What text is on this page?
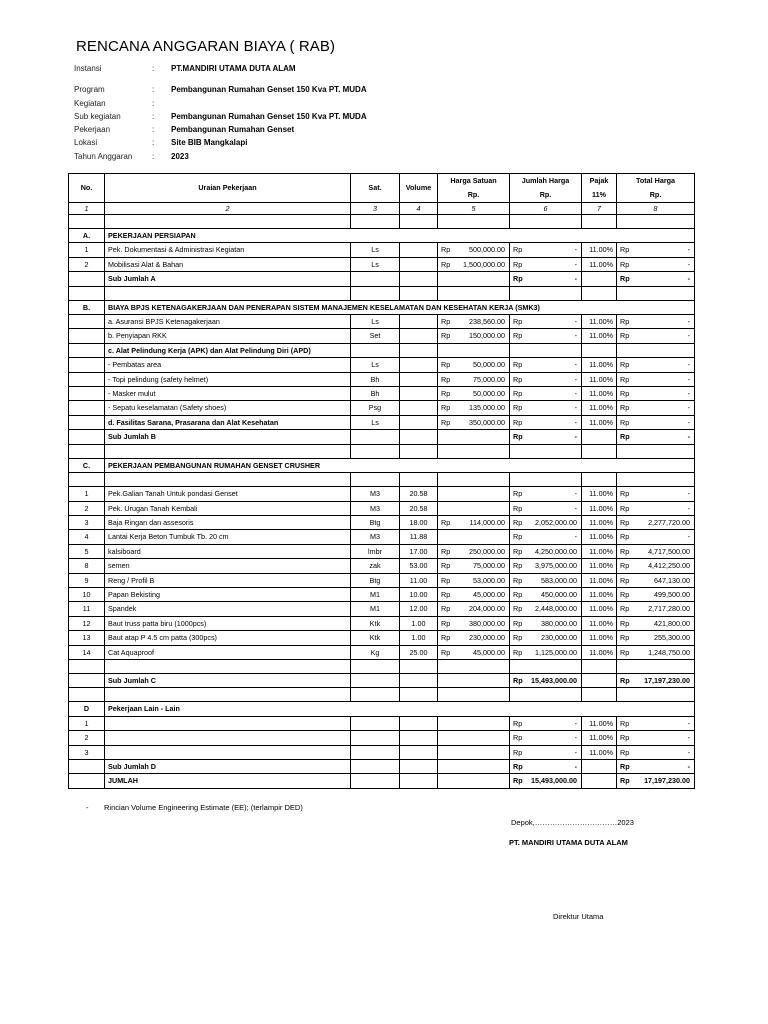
RENCANA ANGGARAN BIAYA ( RAB)
Instansi	: PT.MANDIRI UTAMA DUTA ALAM
Program	: Pembangunan Rumahan Genset 150 Kva PT. MUDA
Kegiatan	:
Sub kegiatan	: Pembangunan Rumahan Genset 150 Kva PT. MUDA
Pekerjaan	: Pembangunan Rumahan Genset
Lokasi	: Site BIB Mangkalapi
Tahun Anggaran	: 2023
No.	Uraian Pekerjaan	Sat.	Volume	Harga Satuan		Jumlah Harga		Pajak	Total Harga	
				Rp.		Rp.		11%	Rp.	
1	2	3	4	5		6		7	8	

A.	PEKERJAAN PERSIAPAN									
1	Pek. Dokumentasi & Administrasi Kegiatan	Ls		Rp	500,000.00	Rp	-	11.00%	Rp	-
2	Mobilisasi Alat & Bahan	Ls		Rp	1,500,000.00	Rp	-	11.00%	Rp	-
	Sub Jumlah A					Rp	-		Rp	-

B.	BIAYA BPJS KETENAGAKERJAAN DAN PENERAPAN SISTEM MANAJEMEN KESELAMATAN DAN KESEHATAN KERJA (SMK3)									
	a. Asuransi BPJS Ketenagakerjaan	Ls		Rp	238,560.00	Rp	-	11.00%	Rp	-
	b. Penyiapan RKK	Set		Rp	150,000.00	Rp	-	11.00%	Rp	-
	c. Alat Pelindung Kerja (APK) dan Alat Pelindung Diri (APD)									
	- Pembatas area	Ls		Rp	50,000.00	Rp	-	11.00%	Rp	-
	- Topi pelindung (safety helmet)	Bh		Rp	75,000.00	Rp	-	11.00%	Rp	-
	- Masker mulut	Bh		Rp	50,000.00	Rp	-	11.00%	Rp	-
	- Sepatu keselamatan (Safety shoes)	Psg		Rp	135,000.00	Rp	-	11.00%	Rp	-
	d. Fasilitas Sarana, Prasarana dan Alat Kesehatan	Ls		Rp	350,000.00	Rp	-	11.00%	Rp	-
	Sub Jumlah B					Rp	-		Rp	-

C.	PEKERJAAN PEMBANGUNAN RUMAHAN GENSET CRUSHER									

1	Pek.Galian Tanah Untuk pondasi Genset	M3	20.58			Rp	-	11.00%	Rp	-
2	Pek. Urugan Tanah Kembali	M3	20.58			Rp	-	11.00%	Rp	-
3	Baja Ringan dan assesoris	Btg	18.00	Rp	114,000.00	Rp	2,052,000.00	11.00%	Rp	2,277,720.00
4	Lantai Kerja Beton Tumbuk Tb. 20 cm	M3	11.88			Rp	-	11.00%	Rp	-
5	kalsiboard	lmbr	17.00	Rp	250,000.00	Rp	4,250,000.00	11.00%	Rp	4,717,500.00
8	semen	zak	53.00	Rp	75,000.00	Rp	3,975,000.00	11.00%	Rp	4,412,250.00
9	Reng / Profil B	Btg	11.00	Rp	53,000.00	Rp	583,000.00	11.00%	Rp	647,130.00
10	Papan Bekisting	M1	10.00	Rp	45,000.00	Rp	450,000.00	11.00%	Rp	499,500.00
11	Spandek	M1	12.00	Rp	204,000.00	Rp	2,448,000.00	11.00%	Rp	2,717,280.00
12	Baut truss patta biru (1000pcs)	Ktk	1.00	Rp	380,000.00	Rp	380,000.00	11.00%	Rp	421,800.00
13	Baut atap P 4.5 cm patta (300pcs)	Ktk	1.00	Rp	230,000.00	Rp	230,000.00	11.00%	Rp	255,300.00
14	Cat Aquaproof	Kg	25.00	Rp	45,000.00	Rp	1,125,000.00	11.00%	Rp	1,248,750.00

	Sub Jumlah C					Rp	15,493,000.00		Rp	17,197,230.00

D	Pekerjaan Lain - Lain									
1						Rp	-	11.00%	Rp	-
2						Rp	-	11.00%	Rp	-
3						Rp	-	11.00%	Rp	-
	Sub Jumlah D					Rp	-		Rp	-
	JUMLAH					Rp	15,493,000.00		Rp	17,197,230.00
- Rincian Volume Engineering Estimate (EE); (terlampir DED)
Depok,……………………………2023
PT. MANDIRI UTAMA DUTA ALAM
Direktur Utama
